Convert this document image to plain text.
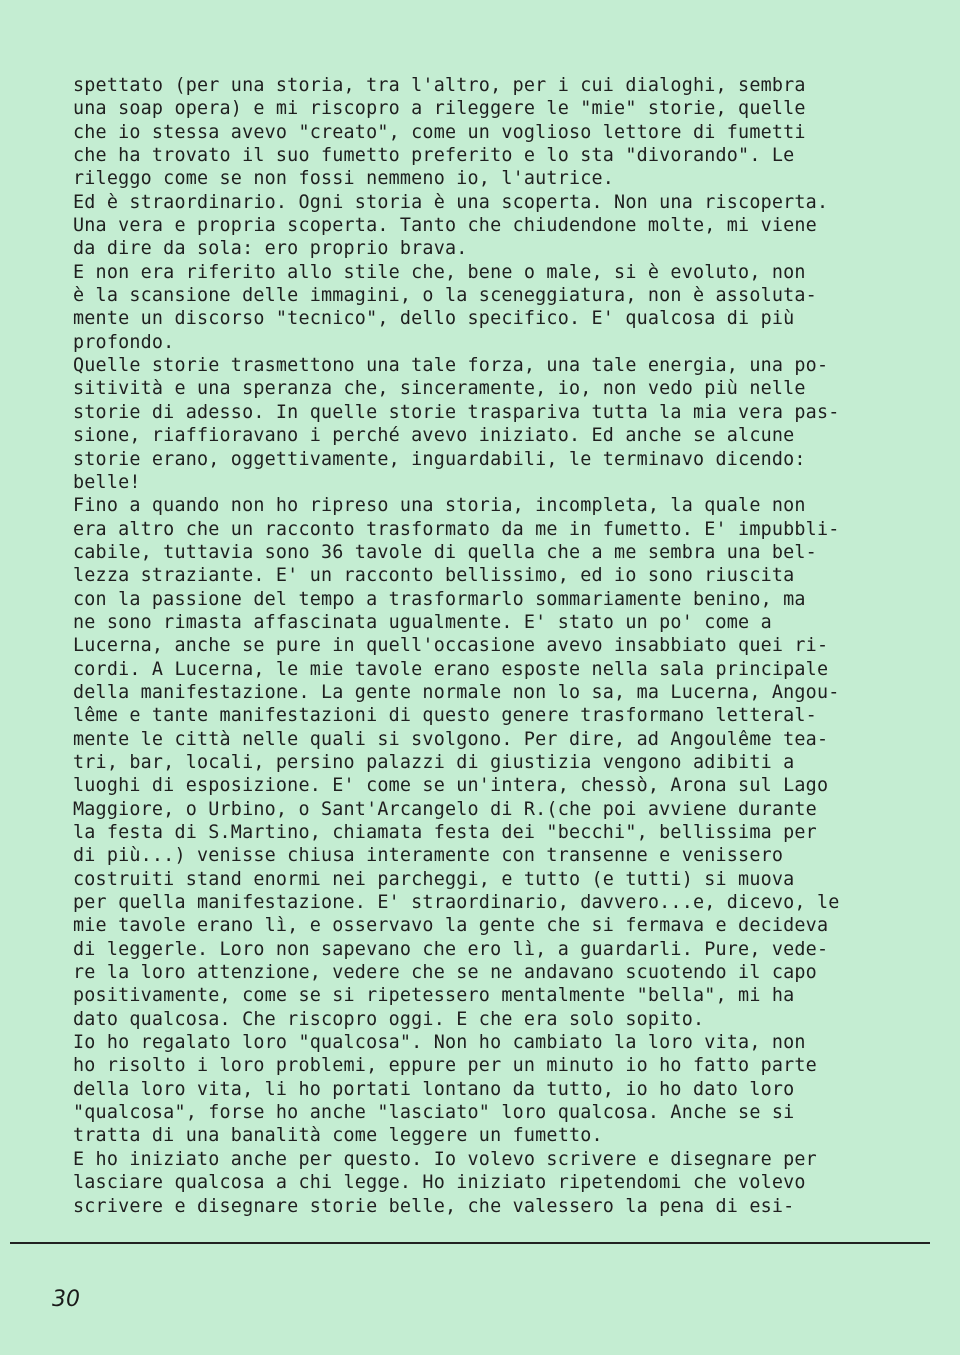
spettato (per una storia, tra l'altro, per i cui dialoghi, sembra
una soap opera) e mi riscopro a rileggere le "mie" storie, quelle
che io stessa avevo "creato", come un voglioso lettore di fumetti
che ha trovato il suo fumetto preferito e lo sta "divorando". Le
rileggo come se non fossi nemmeno io, l'autrice.
Ed è straordinario. Ogni storia è una scoperta. Non una riscoperta.
Una vera e propria scoperta. Tanto che chiudendone molte, mi viene
da dire da sola: ero proprio brava.
E non era riferito allo stile che, bene o male, si è evoluto, non
è la scansione delle immagini, o la sceneggiatura, non è assoluta-
mente un discorso "tecnico", dello specifico. E' qualcosa di più
profondo.
Quelle storie trasmettono una tale forza, una tale energia, una po-
sitività e una speranza che, sinceramente, io, non vedo più nelle
storie di adesso. In quelle storie traspariva tutta la mia vera pas-
sione, riaffioravano i perché avevo iniziato. Ed anche se alcune
storie erano, oggettivamente, inguardabili, le terminavo dicendo:
belle!
Fino a quando non ho ripreso una storia, incompleta, la quale non
era altro che un racconto trasformato da me in fumetto. E' impubbli-
cabile, tuttavia sono 36 tavole di quella che a me sembra una bel-
lezza straziante. E' un racconto bellissimo, ed io sono riuscita
con la passione del tempo a trasformarlo sommariamente benino, ma
ne sono rimasta affascinata ugualmente. E' stato un po' come a
Lucerna, anche se pure in quell'occasione avevo insabbiato quei ri-
cordi. A Lucerna, le mie tavole erano esposte nella sala principale
della manifestazione. La gente normale non lo sa, ma Lucerna, Angou-
lême e tante manifestazioni di questo genere trasformano letteral-
mente le città nelle quali si svolgono. Per dire, ad Angoulême tea-
tri, bar, locali, persino palazzi di giustizia vengono adibiti a
luoghi di esposizione. E' come se un'intera, chessò, Arona sul Lago
Maggiore, o Urbino, o Sant'Arcangelo di R.(che poi avviene durante
la festa di S.Martino, chiamata festa dei "becchi", bellissima per
di più...) venisse chiusa interamente con transenne e venissero
costruiti stand enormi nei parcheggi, e tutto (e tutti) si muova
per quella manifestazione. E' straordinario, davvero...e, dicevo, le
mie tavole erano lì, e osservavo la gente che si fermava e decideva
di leggerle. Loro non sapevano che ero lì, a guardarli. Pure, vede-
re la loro attenzione, vedere che se ne andavano scuotendo il capo
positivamente, come se si ripetessero mentalmente "bella", mi ha
dato qualcosa. Che riscopro oggi. E che era solo sopito.
Io ho regalato loro "qualcosa". Non ho cambiato la loro vita, non
ho risolto i loro problemi, eppure per un minuto io ho fatto parte
della loro vita, li ho portati lontano da tutto, io ho dato loro
"qualcosa", forse ho anche "lasciato" loro qualcosa. Anche se si
tratta di una banalità come leggere un fumetto.
E ho iniziato anche per questo. Io volevo scrivere e disegnare per
lasciare qualcosa a chi legge. Ho iniziato ripetendomi che volevo
scrivere e disegnare storie belle, che valessero la pena di esi-
30
